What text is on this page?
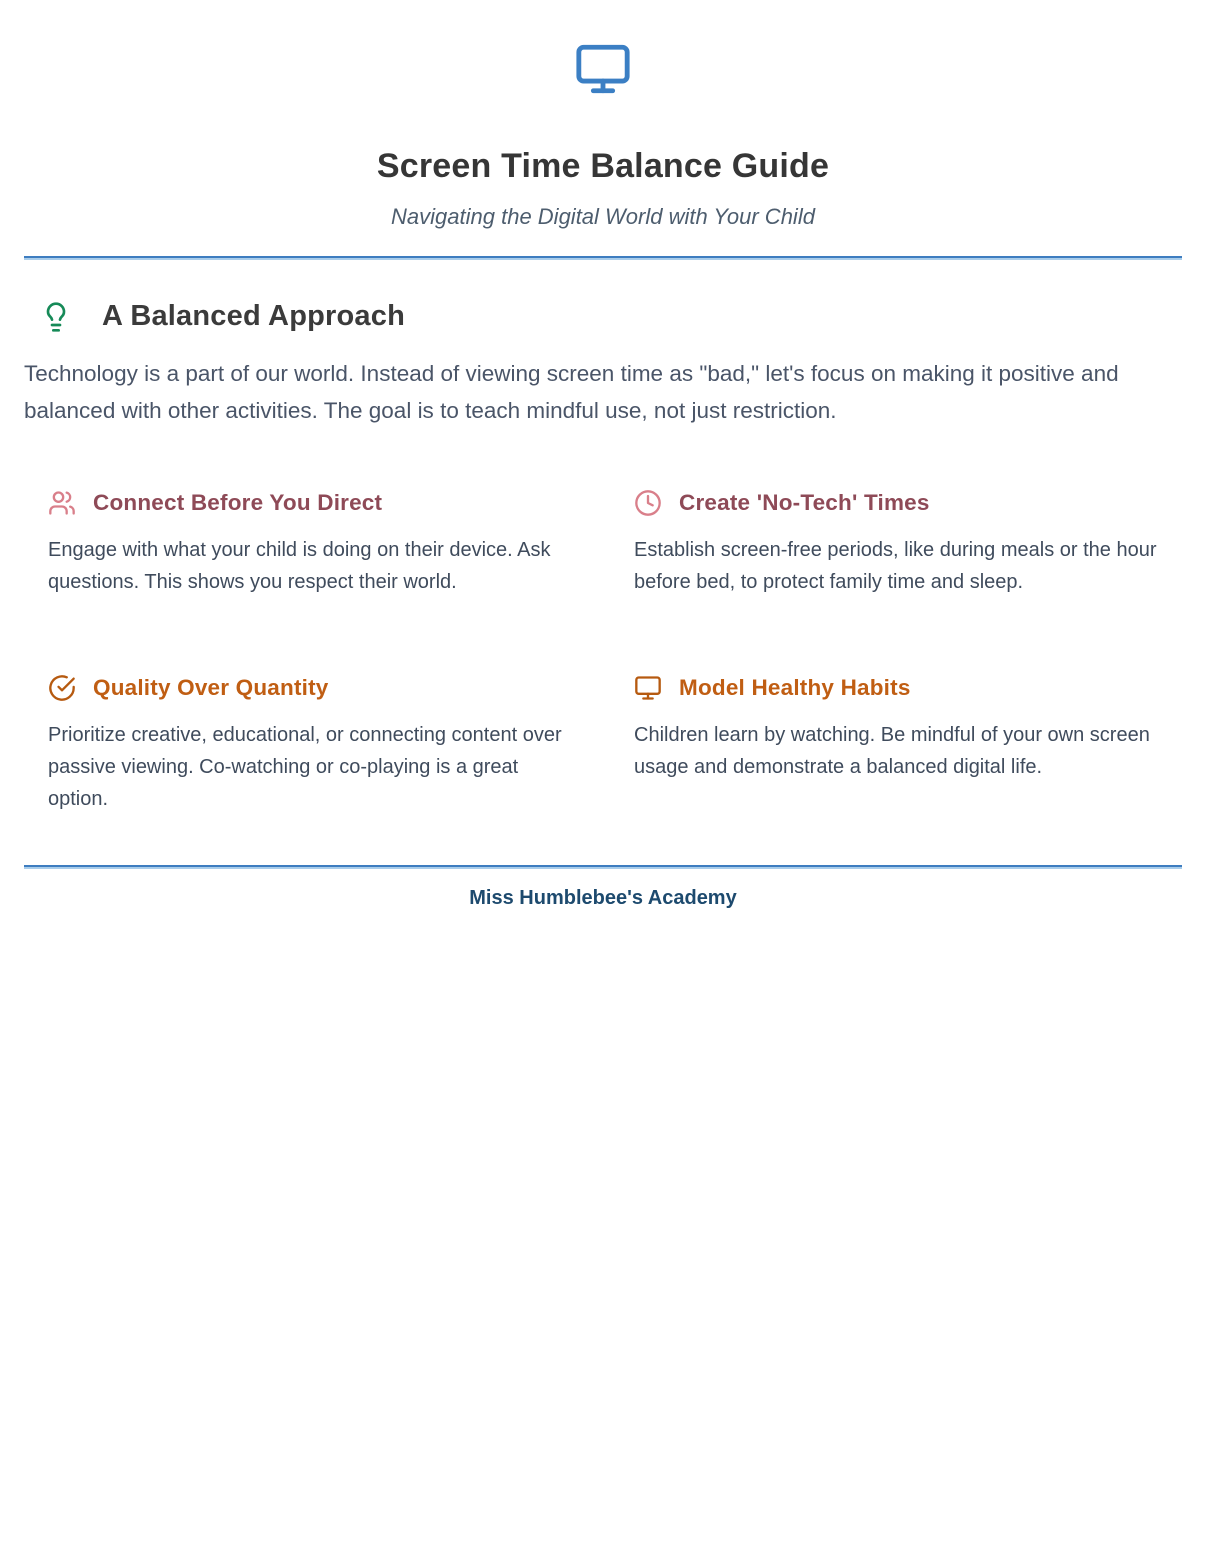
Screen Time Balance Guide
Navigating the Digital World with Your Child
A Balanced Approach

Technology is a part of our world. Instead of viewing screen time as "bad," let's focus on making it positive and balanced with other activities. The goal is to teach mindful use, not just restriction.

Connect Before You Direct

Engage with what your child is doing on their device. Ask questions. This shows you respect their world.

Create 'No-Tech' Times

Establish screen-free periods, like during meals or the hour before bed, to protect family time and sleep.

Quality Over Quantity

Prioritize creative, educational, or connecting content over passive viewing. Co-watching or co-playing is a great option.

Model Healthy Habits

Children learn by watching. Be mindful of your own screen usage and demonstrate a balanced digital life.

Miss Humblebee's Academy
